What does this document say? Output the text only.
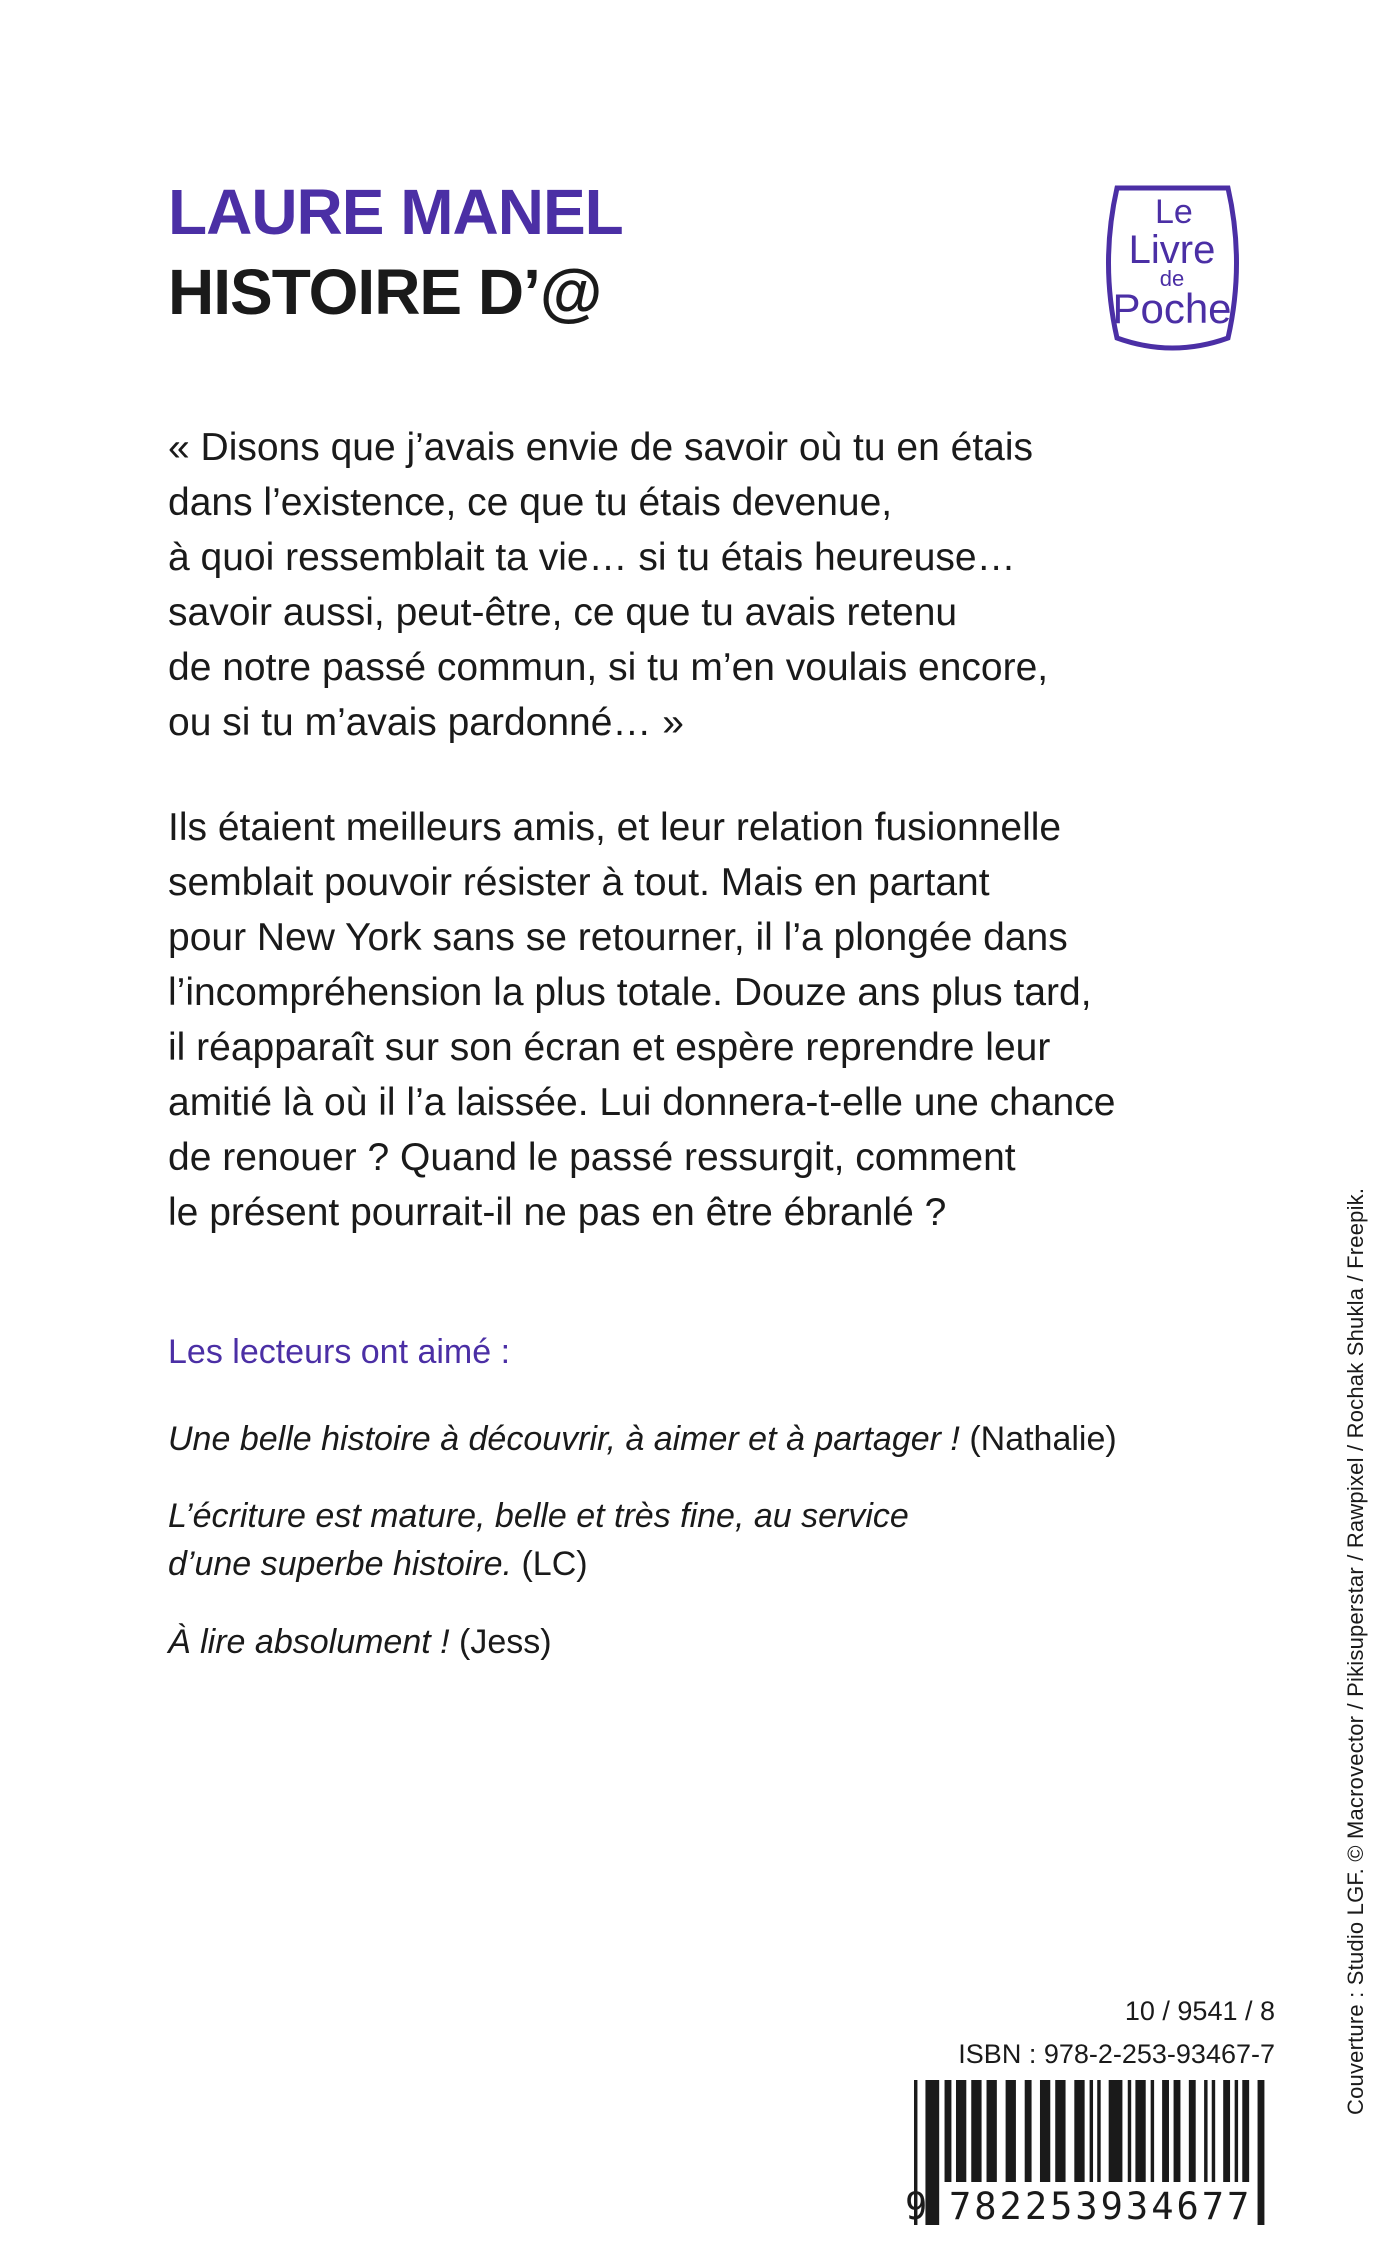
LAURE MANEL
HISTOIRE D’@
Le
Livre
de
Poche
« Disons que j’avais envie de savoir où tu en étais
dans l’existence, ce que tu étais devenue,
à quoi ressemblait ta vie… si tu étais heureuse…
savoir aussi, peut-être, ce que tu avais retenu
de notre passé commun, si tu m’en voulais encore,
ou si tu m’avais pardonné… »
Ils étaient meilleurs amis, et leur relation fusionnelle
semblait pouvoir résister à tout. Mais en partant
pour New York sans se retourner, il l’a plongée dans
l’incompréhension la plus totale. Douze ans plus tard,
il réapparaît sur son écran et espère reprendre leur
amitié là où il l’a laissée. Lui donnera-t-elle une chance
de renouer ? Quand le passé ressurgit, comment
le présent pourrait-il ne pas en être ébranlé ?
Les lecteurs ont aimé :
Une belle histoire à découvrir, à aimer et à partager ! (Nathalie)
L’écriture est mature, belle et très fine, au service
d’une superbe histoire. (LC)
À lire absolument ! (Jess)	Couverture : Studio LGF. © Macrovector / Pikisuperstar / Rawpixel / Rochak Shukla / Freepik.
10 / 9541 / 8
ISBN : 978-2-253-93467-7
9 782253934677
